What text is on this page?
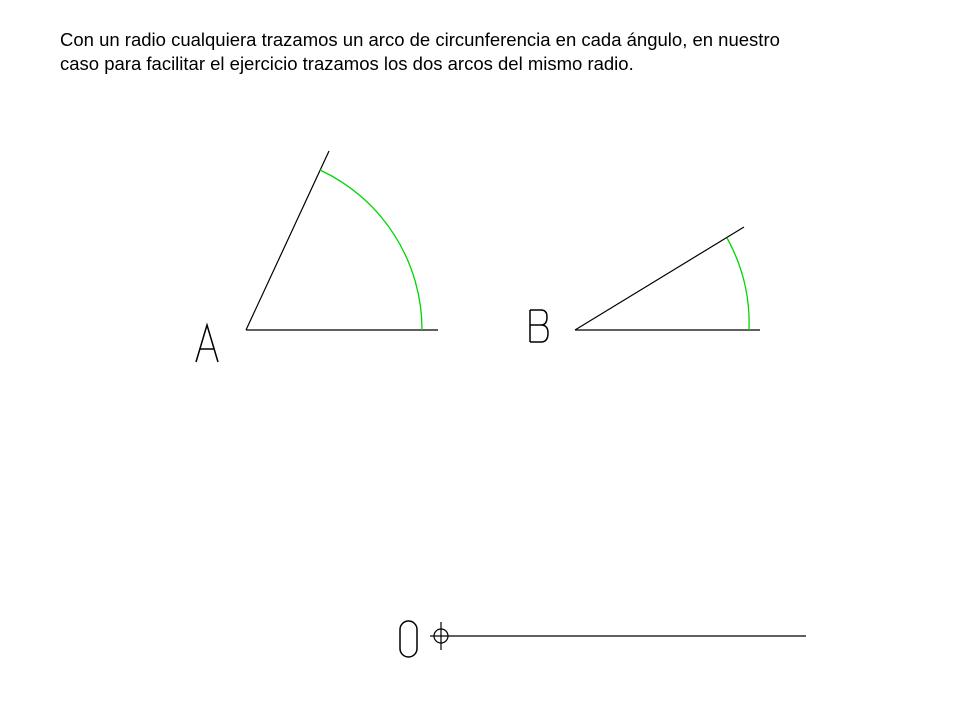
Con un radio cualquiera trazamos un arco de circunferencia en cada ángulo, en nuestro
caso para facilitar el ejercicio trazamos los dos arcos del mismo radio.
